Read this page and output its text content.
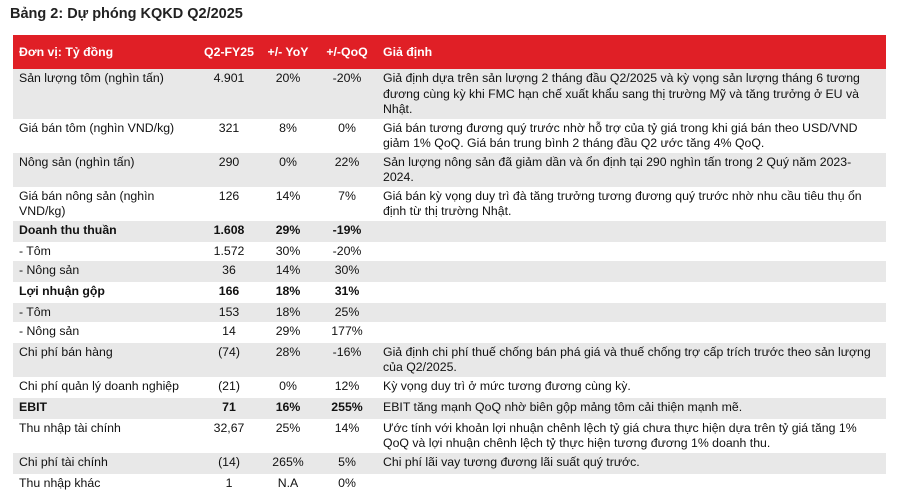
Bảng 2: Dự phóng KQKD Q2/2025
Đơn vị: Tỷ đồng	Q2-FY25	+/- YoY	+/-QoQ	Giả định
Sản lượng tôm (nghìn tấn)	4.901	20%	-20%	Giả định dựa trên sản lượng 2 tháng đầu Q2/2025 và kỳ vọng sản lượng tháng 6 tương đương cùng kỳ khi FMC hạn chế xuất khẩu sang thị trường Mỹ và tăng trưởng ở EU và Nhật.
Giá bán tôm (nghìn VND/kg)	321	8%	0%	Giá bán tương đương quý trước nhờ hỗ trợ của tỷ giá trong khi giá bán theo USD/VND giảm 1% QoQ. Giá bán trung bình 2 tháng đầu Q2 ước tăng 4% QoQ.
Nông sản (nghìn tấn)	290	0%	22%	Sản lượng nông sản đã giảm dần và ổn định tại 290 nghìn tấn trong 2 Quý năm 2023-2024.
Giá bán nông sản (nghìn VND/kg)	126	14%	7%	Giá bán kỳ vọng duy trì đà tăng trưởng tương đương quý trước nhờ nhu cầu tiêu thụ ổn định từ thị trường Nhật.
Doanh thu thuần	1.608	29%	-19%	
- Tôm	1.572	30%	-20%	
- Nông sản	36	14%	30%	
Lợi nhuận gộp	166	18%	31%	
- Tôm	153	18%	25%	
- Nông sản	14	29%	177%	
Chi phí bán hàng	(74)	28%	-16%	Giả định chi phí thuế chống bán phá giá và thuế chống trợ cấp trích trước theo sản lượng của Q2/2025.
Chi phí quản lý doanh nghiệp	(21)	0%	12%	Kỳ vọng duy trì ở mức tương đương cùng kỳ.
EBIT	71	16%	255%	EBIT tăng mạnh QoQ nhờ biên gộp mảng tôm cải thiện mạnh mẽ.
Thu nhập tài chính	32,67	25%	14%	Ước tính với khoản lợi nhuận chênh lệch tỷ giá chưa thực hiện dựa trên tỷ giá tăng 1% QoQ và lợi nhuận chênh lệch tỷ thực hiện tương đương 1% doanh thu.
Chi phí tài chính	(14)	265%	5%	Chi phí lãi vay tương đương lãi suất quý trước.
Thu nhập khác	1	N.A	0%	
